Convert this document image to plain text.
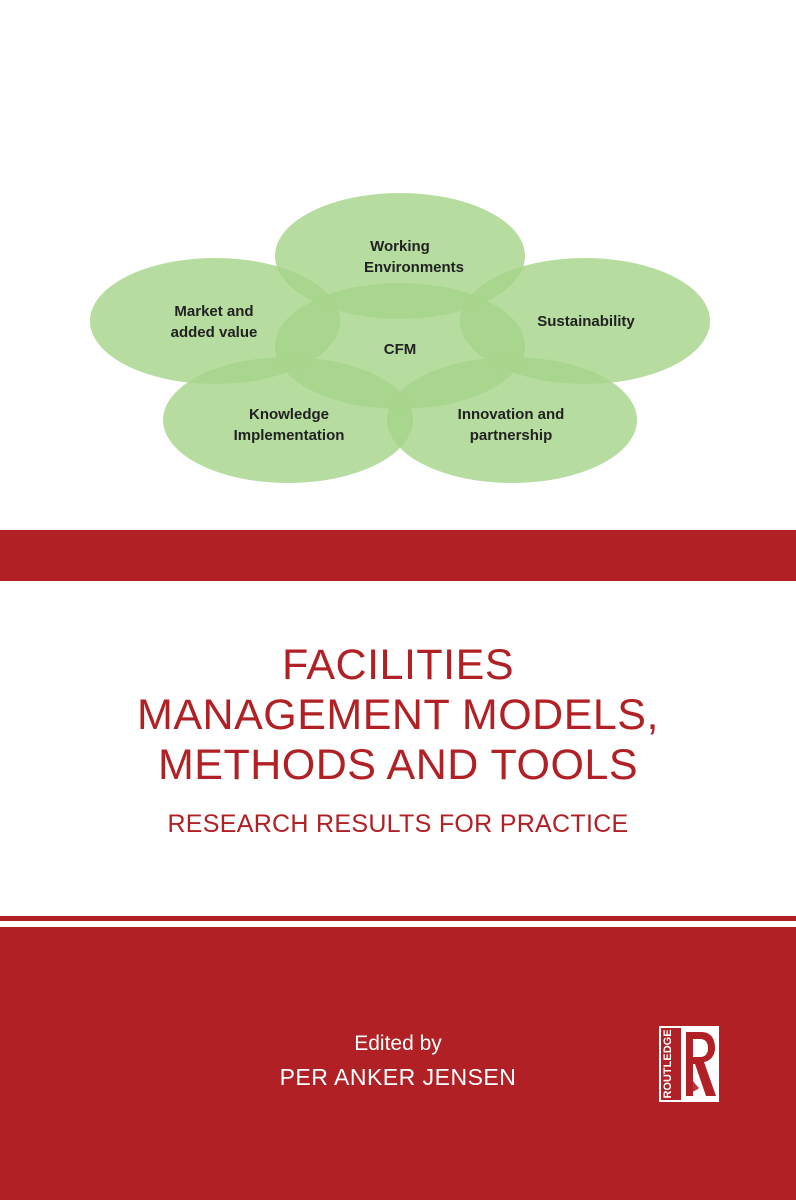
Working
Environments
Market and
added value
Sustainability
CFM
Knowledge
Implementation
Innovation and
partnership
FACILITIES
MANAGEMENT MODELS,
METHODS AND TOOLS
RESEARCH RESULTS FOR PRACTICE
Edited by
PER ANKER JENSEN	ROUTLEDGE
